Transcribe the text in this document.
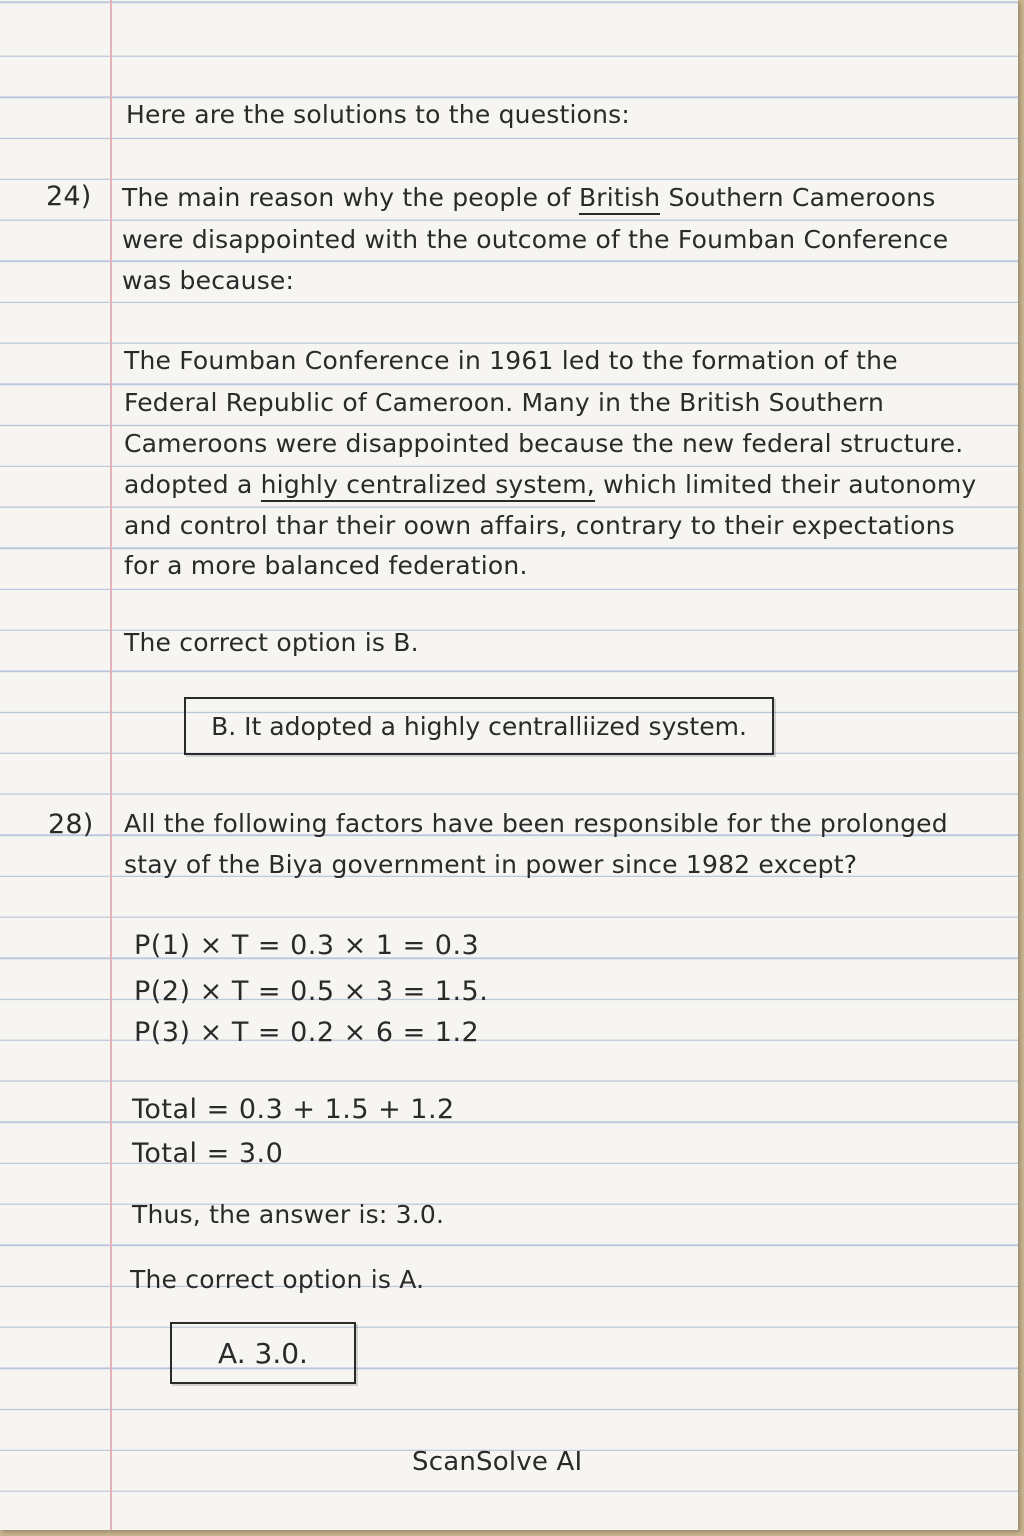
Here are the solutions to the questions:
24) The main reason why the people of British Southern Cameroons
were disappointed with the outcome of the Foumban Conference
was because:
The Foumban Conference in 1961 led to the formation of the
Federal Republic of Cameroon. Many in the British Southern
Cameroons were disappointed because the new federal structure.
adopted a highly centralized system, which limited their autonomy
and control thar their oown affairs, contrary to their expectations
for a more balanced federation.
The correct option is B.
B. It adopted a highly centralliized system.
28) All the following factors have been responsible for the prolonged
stay of the Biya government in power since 1982 except?
P(1) × T = 0.3 × 1 = 0.3
P(2) × T = 0.5 × 3 = 1.5.
P(3) × T = 0.2 × 6 = 1.2
Total = 0.3 + 1.5 + 1.2
Total = 3.0
Thus, the answer is: 3.0.
The correct option is A.
A. 3.0.
ScanSolve AI
